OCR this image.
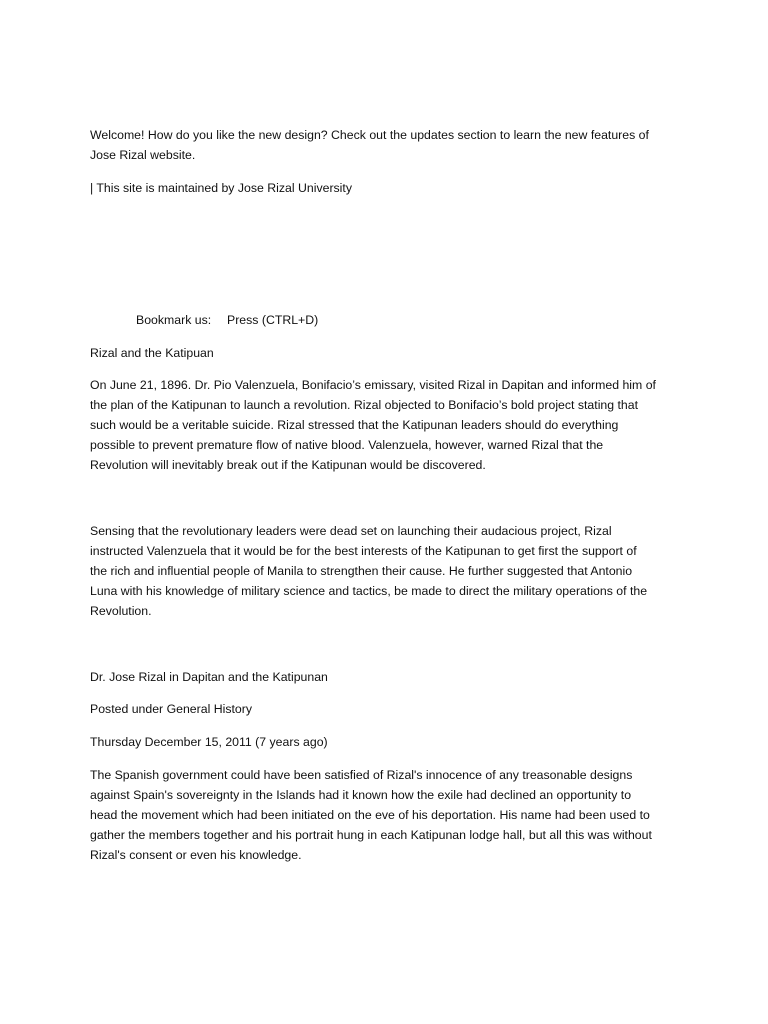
Welcome! How do you like the new design? Check out the updates section to learn the new features of
Jose Rizal website.
| This site is maintained by Jose Rizal University
Bookmark us: Press (CTRL+D)
Rizal and the Katipuan

On June 21, 1896. Dr. Pio Valenzuela, Bonifacio’s emissary, visited Rizal in Dapitan and informed him of

the plan of the Katipunan to launch a revolution. Rizal objected to Bonifacio’s bold project stating that

such would be a veritable suicide. Rizal stressed that the Katipunan leaders should do everything

possible to prevent premature flow of native blood. Valenzuela, however, warned Rizal that the

Revolution will inevitably break out if the Katipunan would be discovered.

Sensing that the revolutionary leaders were dead set on launching their audacious project, Rizal

instructed Valenzuela that it would be for the best interests of the Katipunan to get first the support of

the rich and influential people of Manila to strengthen their cause. He further suggested that Antonio

Luna with his knowledge of military science and tactics, be made to direct the military operations of the

Revolution.

Dr. Jose Rizal in Dapitan and the Katipunan
Posted under General History
Thursday December 15, 2011 (7 years ago)

The Spanish government could have been satisfied of Rizal's innocence of any treasonable designs

against Spain's sovereignty in the Islands had it known how the exile had declined an opportunity to

head the movement which had been initiated on the eve of his deportation. His name had been used to

gather the members together and his portrait hung in each Katipunan lodge hall, but all this was without

Rizal's consent or even his knowledge.
